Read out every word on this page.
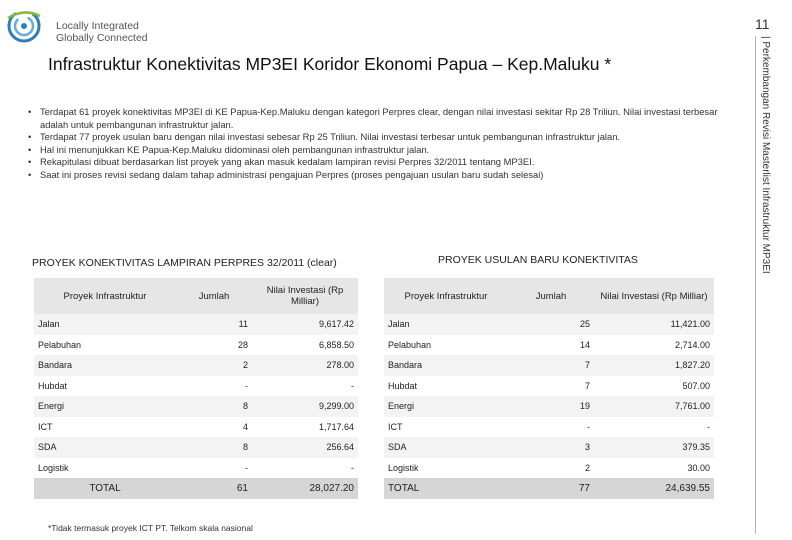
Locally Integrated
Globally Connected
11
| Perkembangan Revisi Masterlist Infrastruktur MP3EI
Infrastruktur Konektivitas MP3EI Koridor Ekonomi Papua – Kep.Maluku *
• Terdapat 61 proyek konektivitas MP3EI di KE Papua-Kep.Maluku dengan kategori Perpres clear, dengan nilai investasi sekitar Rp 28 Triliun. Nilai investasi terbesar adalah untuk pembangunan infrastruktur jalan.
• Terdapat 77 proyek usulan baru dengan nilai investasi sebesar Rp 25 Triliun. Nilai investasi terbesar untuk pembangunan infrastruktur jalan.
• Hal ini menunjukkan KE Papua-Kep.Maluku didominasi oleh pembangunan infrastruktur jalan.
• Rekapitulasi dibuat berdasarkan list proyek yang akan masuk kedalam lampiran revisi Perpres 32/2011 tentang MP3EI.
• Saat ini proses revisi sedang dalam tahap administrasi pengajuan Perpres (proses pengajuan usulan baru sudah selesai)
PROYEK KONEKTIVITAS LAMPIRAN PERPRES 32/2011 (clear)	PROYEK USULAN BARU KONEKTIVITAS
Proyek Infrastruktur	Jumlah	Nilai Investasi (Rp Milliar)
Jalan	11	9,617.42
Pelabuhan	28	6,858.50
Bandara	2	278.00
Hubdat	-	-
Energi	8	9,299.00
ICT	4	1,717.64
SDA	8	256.64
Logistik	-	-
TOTAL	61	28,027.20
Proyek Infrastruktur	Jumlah	Nilai Investasi (Rp Milliar)
Jalan	25	11,421.00
Pelabuhan	14	2,714.00
Bandara	7	1,827.20
Hubdat	7	507.00
Energi	19	7,761.00
ICT	-	-
SDA	3	379.35
Logistik	2	30.00
TOTAL	77	24,639.55
*Tidak termasuk proyek ICT PT. Telkom skala nasional
